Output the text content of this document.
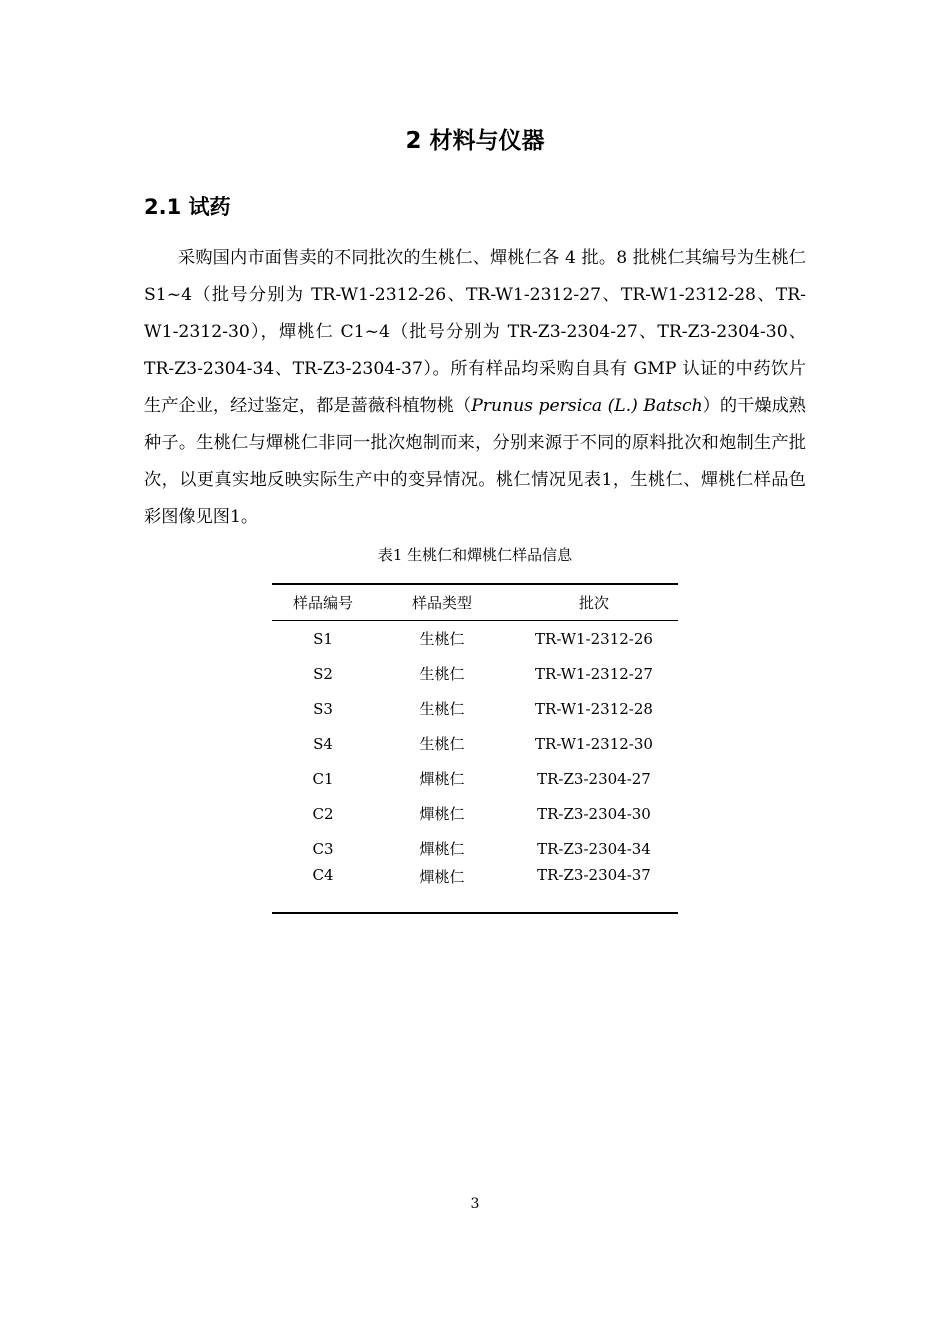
2 材料与仪器
2.1 试药

采购国内市面售卖的不同批次的生桃仁、燀桃仁各 4 批。8 批桃仁其编号为生桃仁 S1~4（批号分别为 TR-W1-2312-26、TR-W1-2312-27、TR-W1-2312-28、TR-W1-2312-30），燀桃仁 C1~4（批号分别为 TR-Z3-2304-27、TR-Z3-2304-30、TR-Z3-2304-34、TR-Z3-2304-37）。所有样品均采购自具有 GMP 认证的中药饮片生产企业，经过鉴定，都是蔷薇科植物桃（Prunus persica (L.) Batsch）的干燥成熟种子。生桃仁与燀桃仁非同一批次炮制而来，分别来源于不同的原料批次和炮制生产批次，以更真实地反映实际生产中的变异情况。桃仁情况见表1，生桃仁、燀桃仁样品色彩图像见图1。

表1 生桃仁和燀桃仁样品信息
样品编号	样品类型	批次
S1	生桃仁	TR-W1-2312-26
S2	生桃仁	TR-W1-2312-27
S3	生桃仁	TR-W1-2312-28
S4	生桃仁	TR-W1-2312-30
C1	燀桃仁	TR-Z3-2304-27
C2	燀桃仁	TR-Z3-2304-30
C3	燀桃仁	TR-Z3-2304-34
C4	燀桃仁	TR-Z3-2304-37
3
